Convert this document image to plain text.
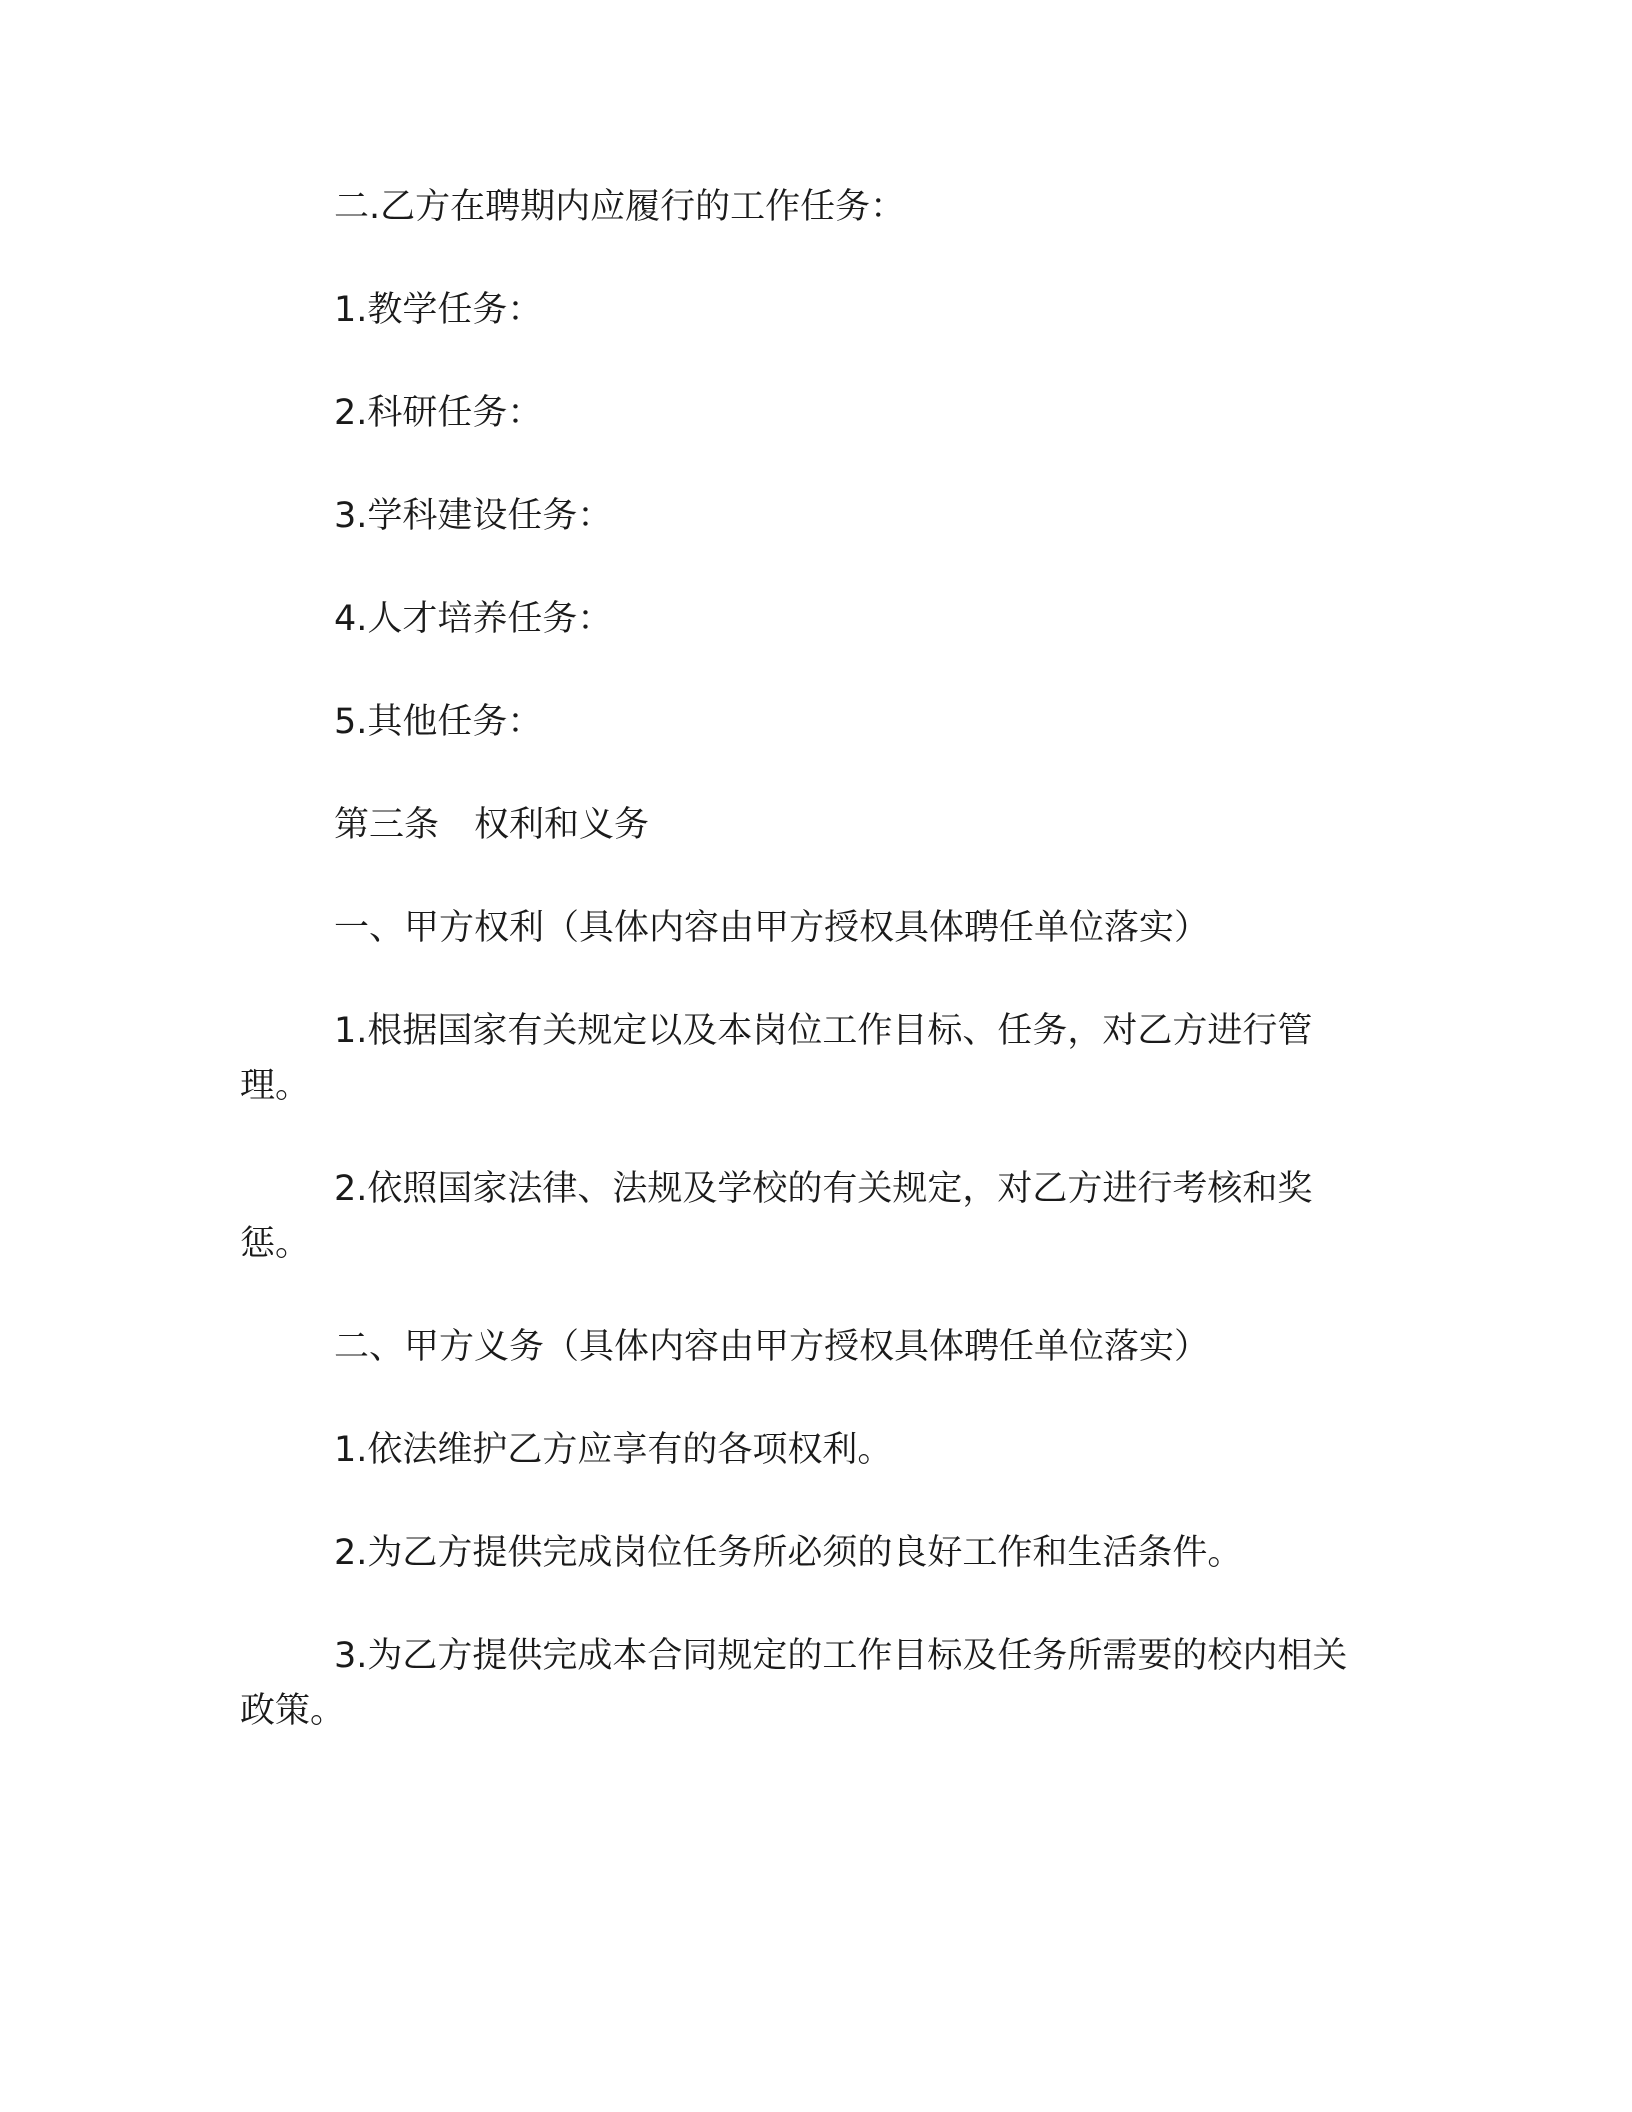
二.乙方在聘期内应履行的工作任务：

1.教学任务：

2.科研任务：

3.学科建设任务：

4.人才培养任务：

5.其他任务：

第三条　权利和义务

一、甲方权利（具体内容由甲方授权具体聘任单位落实）

1.根据国家有关规定以及本岗位工作目标、任务，对乙方进行管理。

2.依照国家法律、法规及学校的有关规定，对乙方进行考核和奖惩。

二、甲方义务（具体内容由甲方授权具体聘任单位落实）

1.依法维护乙方应享有的各项权利。

2.为乙方提供完成岗位任务所必须的良好工作和生活条件。

3.为乙方提供完成本合同规定的工作目标及任务所需要的校内相关政策。
